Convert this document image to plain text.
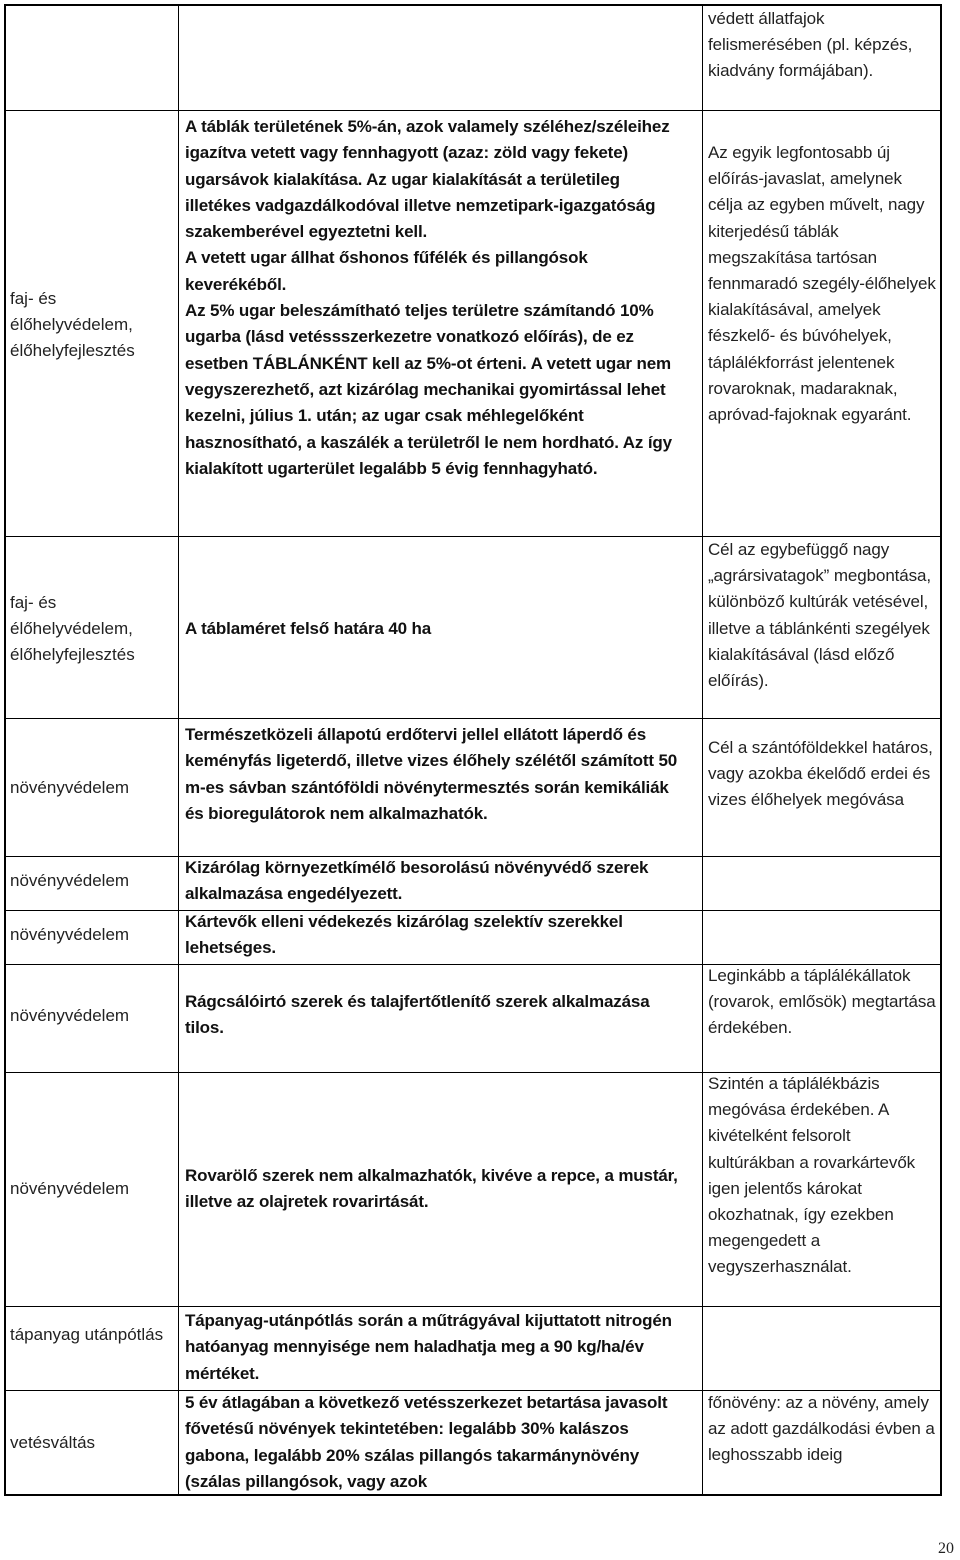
védett állatfajok felismerésében (pl. képzés, kiadvány formájában).

faj- és élőhelyvédelem, élőhelyfejlesztés

A táblák területének 5%-án, azok valamely széléhez/széleihez igazítva vetett vagy fennhagyott (azaz: zöld vagy fekete) ugarsávok kialakítása. Az ugar kialakítását a területileg illetékes vadgazdálkodóval illetve nemzetipark-igazgatóság szakemberével egyeztetni kell.

A vetett ugar állhat őshonos fűfélék és pillangósok keverékéből.

Az 5% ugar beleszámítható teljes területre számítandó 10% ugarba (lásd vetéssszerkezetre vonatkozó előírás), de ez esetben TÁBLÁNKÉNT kell az 5%-ot érteni. A vetett ugar nem vegyszerezhető, azt kizárólag mechanikai gyomirtással lehet kezelni, július 1. után; az ugar csak méhlegelőként hasznosítható, a kaszálék a területről le nem hordható. Az így kialakított ugarterület legalább 5 évig fennhagyható.

Az egyik legfontosabb új előírás-javaslat, amelynek célja az egyben művelt, nagy kiterjedésű táblák megszakítása tartósan fennmaradó szegély-élőhelyek kialakításával, amelyek fészkelő- és búvóhelyek, táplálékforrást jelentenek rovaroknak, madaraknak, apróvad-fajoknak egyaránt.

faj- és élőhelyvédelem, élőhelyfejlesztés

A táblaméret felső határa 40 ha

Cél az egybefüggő nagy „agrársivatagok” megbontása, különböző kultúrák vetésével, illetve a táblánkénti szegélyek kialakításával (lásd előző előírás).

növényvédelem

Természetközeli állapotú erdőtervi jellel ellátott láperdő és keményfás ligeterdő, illetve vizes élőhely szélétől számított 50 m-es sávban szántóföldi növénytermesztés során kemikáliák és bioregulátorok nem alkalmazhatók.

Cél a szántóföldekkel határos, vagy azokba ékelődő erdei és vizes élőhelyek megóvása

növényvédelem

Kizárólag környezetkímélő besorolású növényvédő szerek alkalmazása engedélyezett.

növényvédelem

Kártevők elleni védekezés kizárólag szelektív szerekkel lehetséges.

növényvédelem

Rágcsálóirtó szerek és talajfertőtlenítő szerek alkalmazása tilos.

Leginkább a táplálékállatok (rovarok, emlősök) megtartása érdekében.

növényvédelem

Rovarölő szerek nem alkalmazhatók, kivéve a repce, a mustár, illetve az olajretek rovarirtását.

Szintén a táplálékbázis megóvása érdekében. A kivételként felsorolt kultúrákban a rovarkártevők igen jelentős károkat okozhatnak, így ezekben megengedett a vegyszerhasználat.

tápanyag utánpótlás

Tápanyag-utánpótlás során a műtrágyával kijuttatott nitrogén hatóanyag mennyisége nem haladhatja meg a 90 kg/ha/év mértéket.

vetésváltás

5 év átlagában a következő vetésszerkezet betartása javasolt fővetésű növények tekintetében: legalább 30% kalászos gabona, legalább 20% szálas pillangós takarmánynövény (szálas pillangósok, vagy azok

főnövény: az a növény, amely az adott gazdálkodási évben a leghosszabb ideig

20
